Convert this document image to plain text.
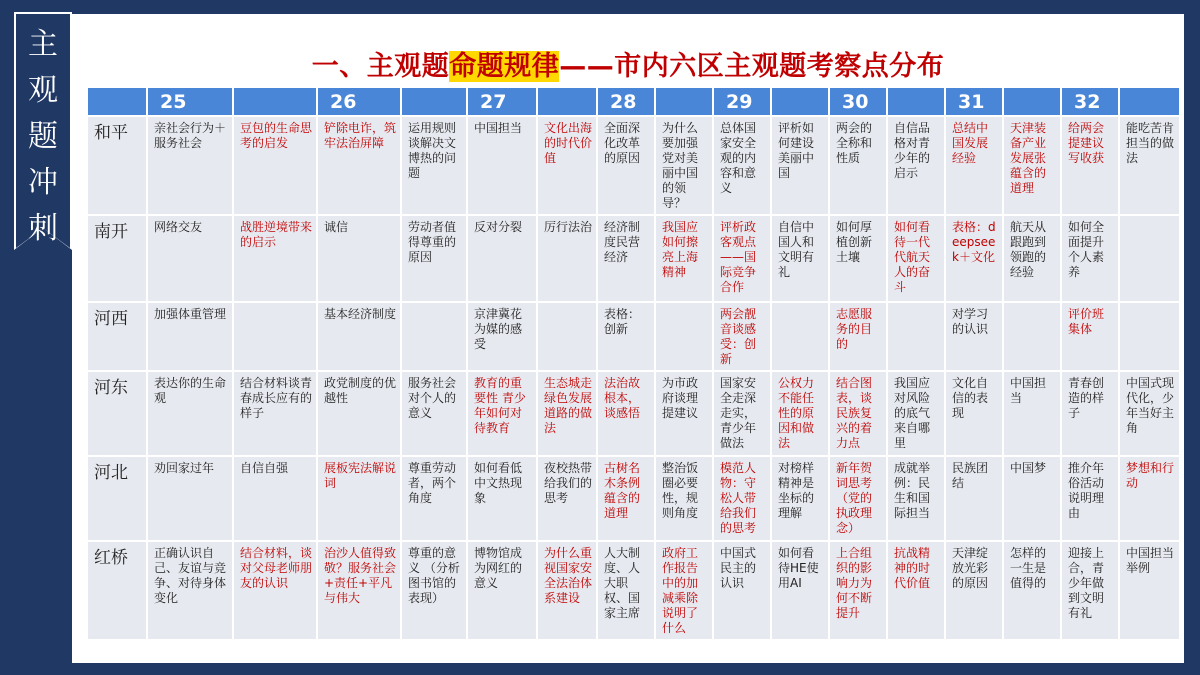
主
观
题
冲
刺
一、主观题命题规律——市内六区主观题考察点分布
	25		26		27		28		29		30		31		32	
和平	亲社会行为＋服务社会	豆包的生命思考的启发	铲除电诈，筑牢法治屏障	运用规则谈解决文博热的问题	中国担当	文化出海的时代价值	全面深化改革的原因	为什么要加强党对美丽中国的领导？	总体国家安全观的内容和意义	评析如何建设美丽中国	两会的全称和性质	自信品格对青少年的启示	总结中国发展经验	天津装备产业发展张蕴含的道理	给两会提建议写收获	能吃苦肯担当的做法
南开	网络交友	战胜逆境带来的启示	诚信	劳动者值得尊重的原因	反对分裂	厉行法治	经济制度民营经济	我国应如何擦亮上海精神	评析政客观点——国际竞争合作	自信中国人和文明有礼	如何厚植创新土壤	如何看待一代代航天人的奋斗	表格：deepseek＋文化	航天从跟跑到领跑的经验	如何全面提升个人素养	
河西	加强体重管理		基本经济制度		京津冀花为媒的感受		表格：创新		两会靓音谈感受：创新		志愿服务的目的		对学习的认识		评价班集体	
河东	表达你的生命观	结合材料谈青春成长应有的样子	政党制度的优越性	服务社会对个人的意义	教育的重要性 青少年如何对待教育	生态城走绿色发展道路的做法	法治故根本，谈感悟	为市政府谈理提建议	国家安全走深走实，青少年做法	公权力不能任性的原因和做法	结合图表，谈民族复兴的着力点	我国应对风险的底气来自哪里	文化自信的表现	中国担当	青春创造的样子	中国式现代化，少年当好主角
河北	劝回家过年	自信自强	展板宪法解说词	尊重劳动者，两个角度	如何看低中文热现象	夜校热带给我们的思考	古树名木条例蕴含的道理	整治饭圈必要性，规则角度	模范人物：守松人带给我们的思考	对榜样精神是坐标的理解	新年贺词思考（党的执政理念）	成就举例：民生和国际担当	民族团结	中国梦	推介年俗活动说明理由	梦想和行动
红桥	正确认识自己、友谊与竞争、对待身体变化	结合材料，谈对父母老师朋友的认识	治沙人值得致敬？服务社会+责任+平凡与伟大	尊重的意义 （分析图书馆的表现）	博物馆成为网红的意义	为什么重视国家安全法治体系建设	人大制度、人大职权、国家主席	政府工作报告中的加减乘除说明了什么	中国式民主的认识	如何看待HE使用AI	上合组织的影响力为何不断提升	抗战精神的时代价值	天津绽放光彩的原因	怎样的一生是值得的	迎接上合，青少年做到文明有礼	中国担当举例
